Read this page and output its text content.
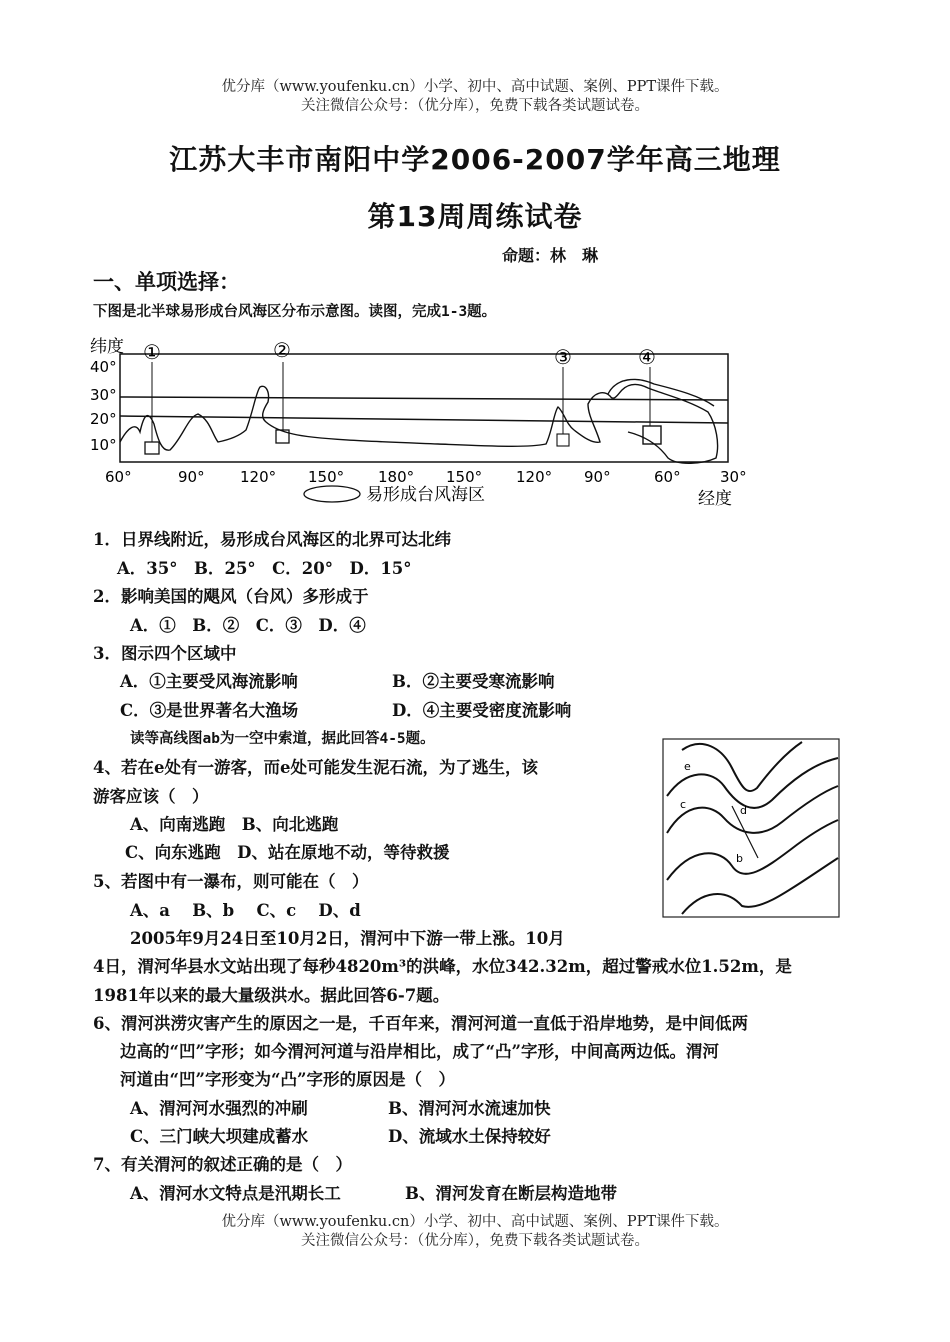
优分库（www.youfenku.cn）小学、初中、高中试题、案例、PPT课件下载。
关注微信公众号：（优分库），免费下载各类试题试卷。
江苏大丰市南阳中学2006-2007学年高三地理
第13周周练试卷
命题：林　琳
一、单项选择：
下图是北半球易形成台风海区分布示意图。读图，完成1-3题。
①	②	③	④
纬度
40°
30°
20°
10°
60°	90° 120° 150° 180° 150° 120° 90°	60°	30°
易形成台风海区	经度
1．日界线附近，易形成台风海区的北界可达北纬
A．35°　B．25°　C．20°　D．15°
2．影响美国的飓风（台风）多形成于
A．①　B．②　C．③　D．④
3．图示四个区域中
A．①主要受风海流影响	B．②主要受寒流影响
C．③是世界著名大渔场	D．④主要受密度流影响
读等高线图ab为一空中索道，据此回答4-5题。
4、若在e处有一游客，而e处可能发生泥石流，为了逃生，该
游客应该（　）
A、向南逃跑　B、向北逃跑
C、向东逃跑　D、站在原地不动，等待救援
5、若图中有一瀑布，则可能在（　）
A、a　 B、b　 C、c　 D、d
e
c	d
b
2005年9月24日至10月2日，渭河中下游一带上涨。10月
4日，渭河华县水文站出现了每秒4820m³的洪峰，水位342.32m，超过警戒水位1.52m，是
1981年以来的最大量级洪水。据此回答6-7题。
6、渭河洪涝灾害产生的原因之一是，千百年来，渭河河道一直低于沿岸地势，是中间低两
边高的“凹”字形；如今渭河河道与沿岸相比，成了“凸”字形，中间高两边低。渭河
河道由“凹”字形变为“凸”字形的原因是（　）
A、渭河河水强烈的冲刷	B、渭河河水流速加快
C、三门峡大坝建成蓄水	D、流域水土保持较好
7、有关渭河的叙述正确的是（　）
A、渭河水文特点是汛期长工	B、渭河发育在断层构造地带
优分库（www.youfenku.cn）小学、初中、高中试题、案例、PPT课件下载。
关注微信公众号：（优分库），免费下载各类试题试卷。
